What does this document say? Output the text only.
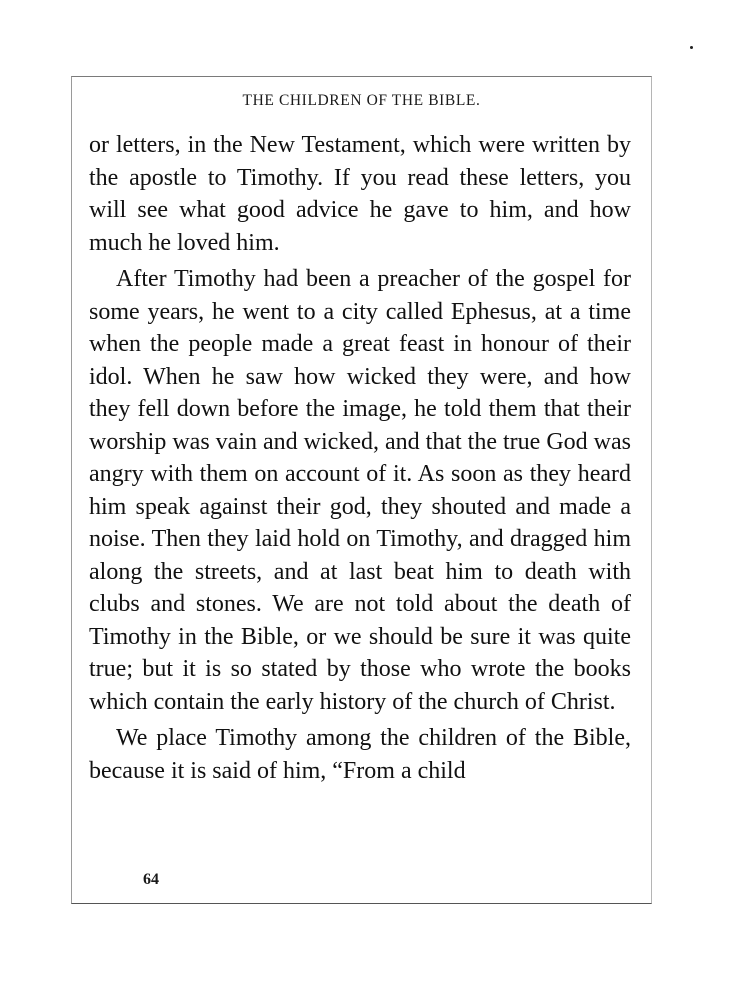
THE CHILDREN OF THE BIBLE.

or letters, in the New Testament, which were written by the apostle to Timothy. If you read these letters, you will see what good advice he gave to him, and how much he loved him.

After Timothy had been a preacher of the gospel for some years, he went to a city called Ephesus, at a time when the people made a great feast in honour of their idol. When he saw how wicked they were, and how they fell down before the image, he told them that their worship was vain and wicked, and that the true God was angry with them on account of it. As soon as they heard him speak against their god, they shouted and made a noise. Then they laid hold on Timothy, and dragged him along the streets, and at last beat him to death with clubs and stones. We are not told about the death of Timothy in the Bible, or we should be sure it was quite true; but it is so stated by those who wrote the books which contain the early history of the church of Christ.

We place Timothy among the children of the Bible, because it is said of him, “From a child

64
